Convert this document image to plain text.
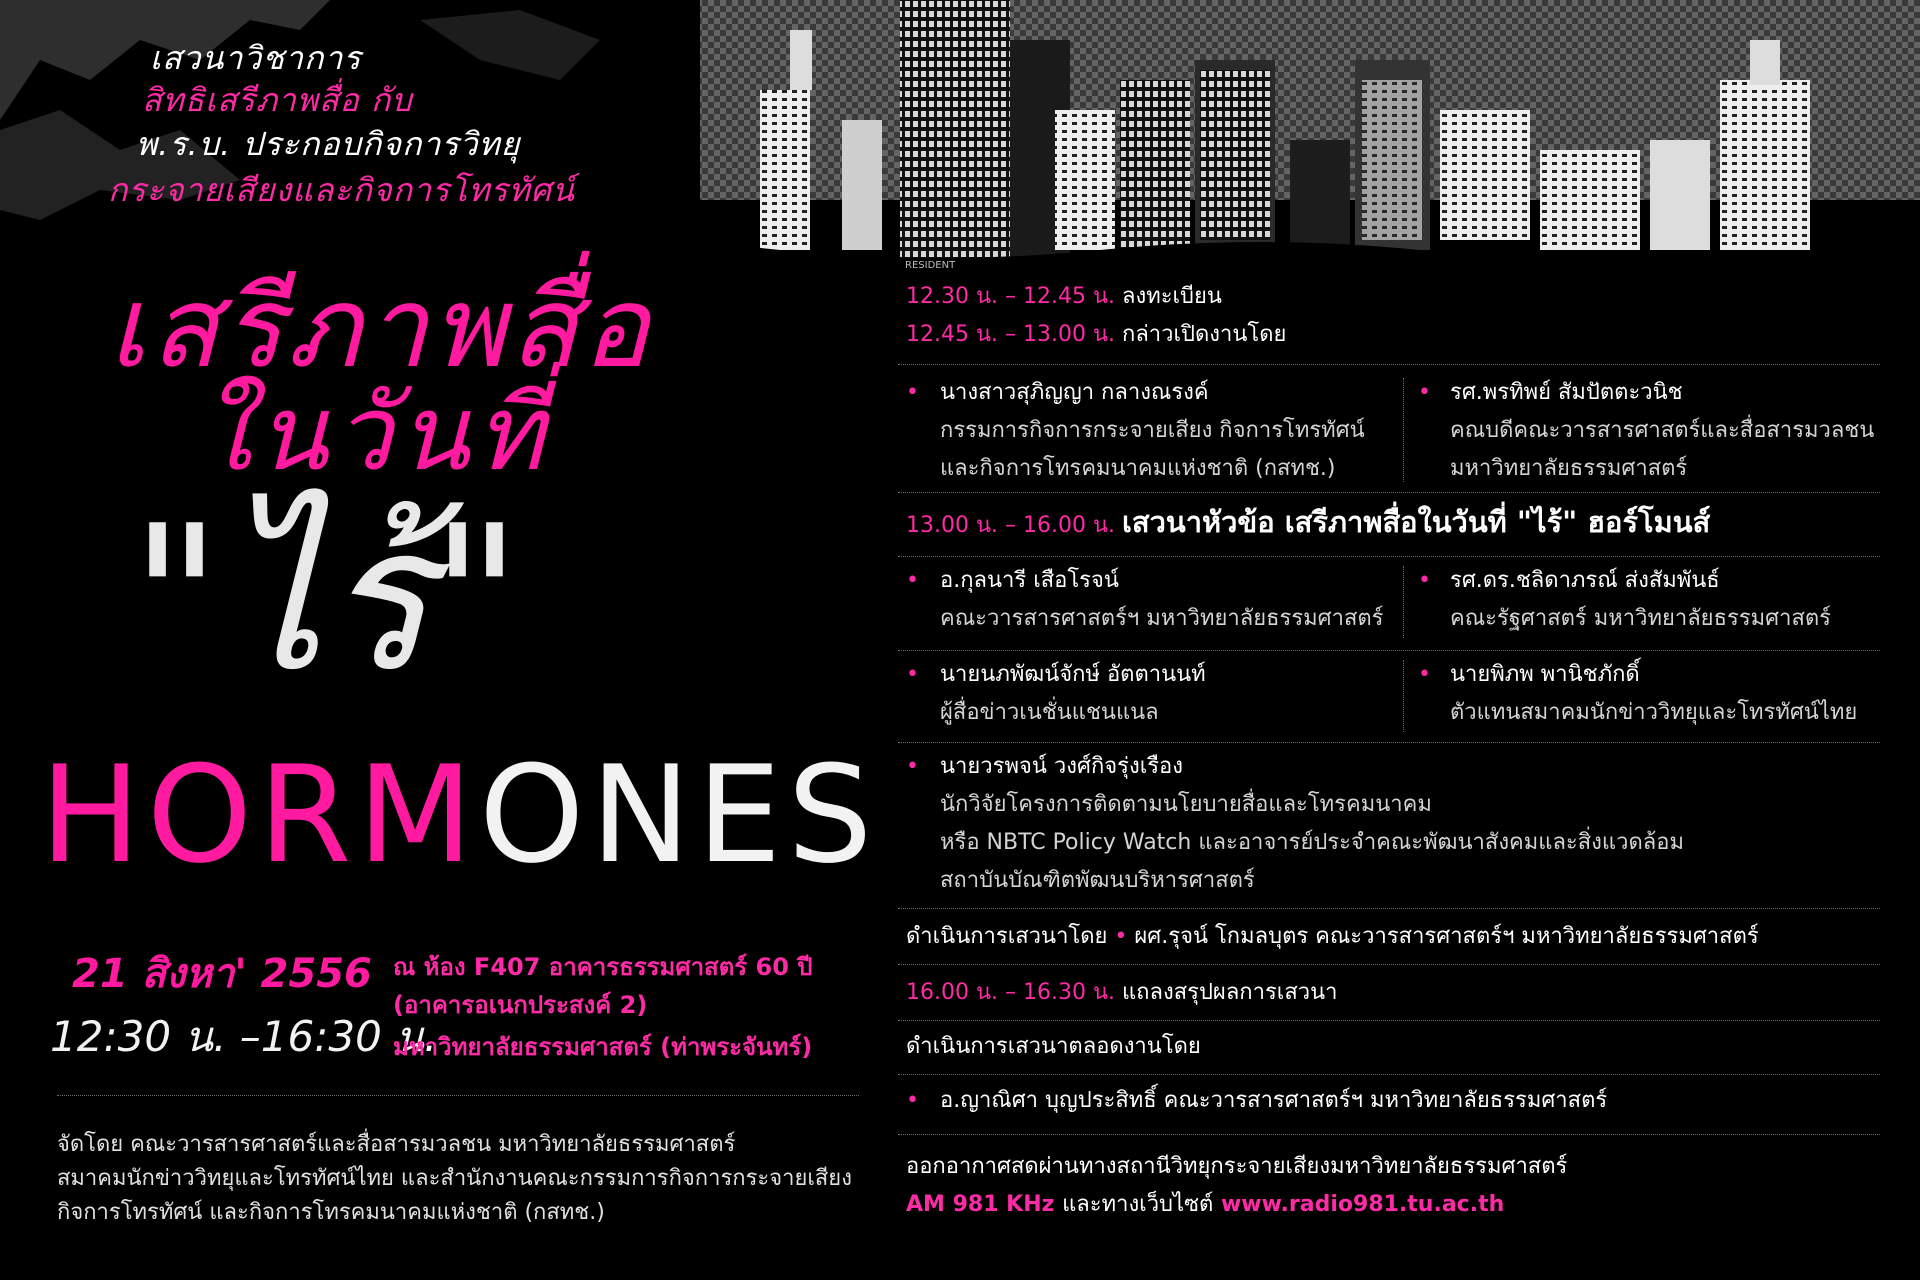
RESIDENT
เสวนาวิชาการ
สิทธิเสรีภาพสื่อ กับ
พ.ร.บ. ประกอบกิจการวิทยุ
กระจายเสียงและกิจการโทรทัศน์
เสรีภาพสื่อ
ในวันที่
"ไร้"
HORMONES
21 สิงหา' 2556
12:30 น. –16:30 น.
ณ ห้อง F407 อาคารธรรมศาสตร์ 60 ปี
(อาคารอเนกประสงค์ 2)
มหาวิทยาลัยธรรมศาสตร์ (ท่าพระจันทร์)
จัดโดย คณะวารสารศาสตร์และสื่อสารมวลชน มหาวิทยาลัยธรรมศาสตร์
สมาคมนักข่าววิทยุและโทรทัศน์ไทย และสำนักงานคณะกรรมการกิจการกระจายเสียง
กิจการโทรทัศน์ และกิจการโทรคมนาคมแห่งชาติ (กสทช.)
12.30 น. – 12.45 น. ลงทะเบียน
12.45 น. – 13.00 น. กล่าวเปิดงานโดย
• นางสาวสุภิญญา กลางณรงค์
กรรมการกิจการกระจายเสียง กิจการโทรทัศน์
และกิจการโทรคมนาคมแห่งชาติ (กสทช.)
• รศ.พรทิพย์ สัมปัตตะวนิช
คณบดีคณะวารสารศาสตร์และสื่อสารมวลชน
มหาวิทยาลัยธรรมศาสตร์
13.00 น. – 16.00 น. เสวนาหัวข้อ เสรีภาพสื่อในวันที่ "ไร้" ฮอร์โมนส์
• อ.กุลนารี เสือโรจน์
คณะวารสารศาสตร์ฯ มหาวิทยาลัยธรรมศาสตร์
• รศ.ดร.ชลิดาภรณ์ ส่งสัมพันธ์
คณะรัฐศาสตร์ มหาวิทยาลัยธรรมศาสตร์
• นายนภพัฒน์จักษ์ อัตตานนท์
ผู้สื่อข่าวเนชั่นแชนแนล
• นายพิภพ พานิชภักดิ์
ตัวแทนสมาคมนักข่าววิทยุและโทรทัศน์ไทย
• นายวรพจน์ วงศ์กิจรุ่งเรือง
นักวิจัยโครงการติดตามนโยบายสื่อและโทรคมนาคม
หรือ NBTC Policy Watch และอาจารย์ประจำคณะพัฒนาสังคมและสิ่งแวดล้อม
สถาบันบัณฑิตพัฒนบริหารศาสตร์
ดำเนินการเสวนาโดย • ผศ.รุจน์ โกมลบุตร คณะวารสารศาสตร์ฯ มหาวิทยาลัยธรรมศาสตร์
16.00 น. – 16.30 น. แถลงสรุปผลการเสวนา
ดำเนินการเสวนาตลอดงานโดย
• อ.ญาณิศา บุญประสิทธิ์ คณะวารสารศาสตร์ฯ มหาวิทยาลัยธรรมศาสตร์
ออกอากาศสดผ่านทางสถานีวิทยุกระจายเสียงมหาวิทยาลัยธรรมศาสตร์
AM 981 KHz และทางเว็บไซต์ www.radio981.tu.ac.th
